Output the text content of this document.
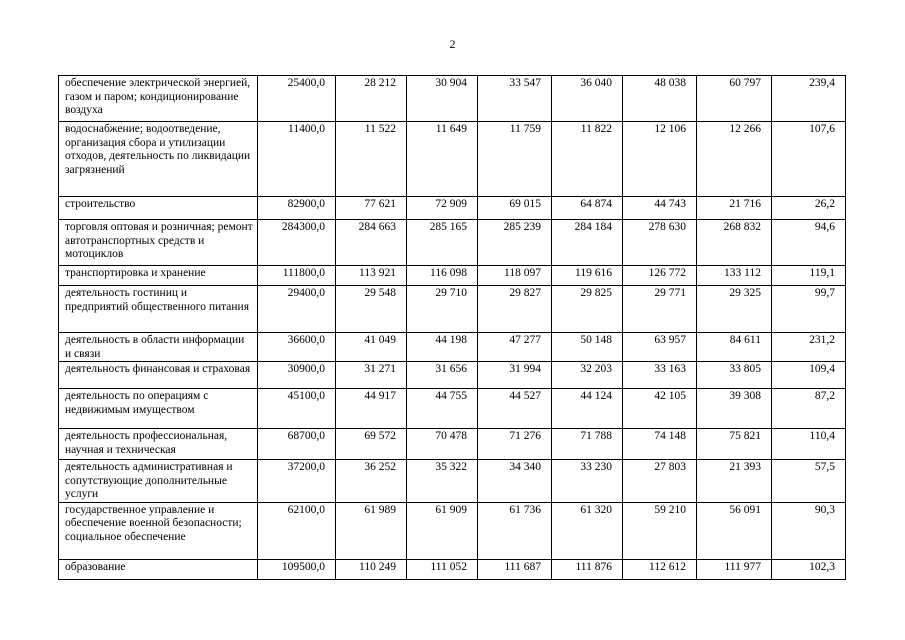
2
обеспечение электрической энергией, газом и паром; кондиционирование воздуха	25400,0	28 212	30 904	33 547	36 040	48 038	60 797	239,4
водоснабжение; водоотведение, организация сбора и утилизации отходов, деятельность по ликвидации загрязнений	11400,0	11 522	11 649	11 759	11 822	12 106	12 266	107,6
строительство	82900,0	77 621	72 909	69 015	64 874	44 743	21 716	26,2
торговля оптовая и розничная; ремонт автотранспортных средств и мотоциклов	284300,0	284 663	285 165	285 239	284 184	278 630	268 832	94,6
транспортировка и хранение	111800,0	113 921	116 098	118 097	119 616	126 772	133 112	119,1
деятельность гостиниц и предприятий общественного питания	29400,0	29 548	29 710	29 827	29 825	29 771	29 325	99,7
деятельность в области информации и связи	36600,0	41 049	44 198	47 277	50 148	63 957	84 611	231,2
деятельность финансовая и страховая	30900,0	31 271	31 656	31 994	32 203	33 163	33 805	109,4
деятельность по операциям с недвижимым имуществом	45100,0	44 917	44 755	44 527	44 124	42 105	39 308	87,2
деятельность профессиональная, научная и техническая	68700,0	69 572	70 478	71 276	71 788	74 148	75 821	110,4
деятельность административная и сопутствующие дополнительные услуги	37200,0	36 252	35 322	34 340	33 230	27 803	21 393	57,5
государственное управление и обеспечение военной безопасности; социальное обеспечение	62100,0	61 989	61 909	61 736	61 320	59 210	56 091	90,3
образование	109500,0	110 249	111 052	111 687	111 876	112 612	111 977	102,3
